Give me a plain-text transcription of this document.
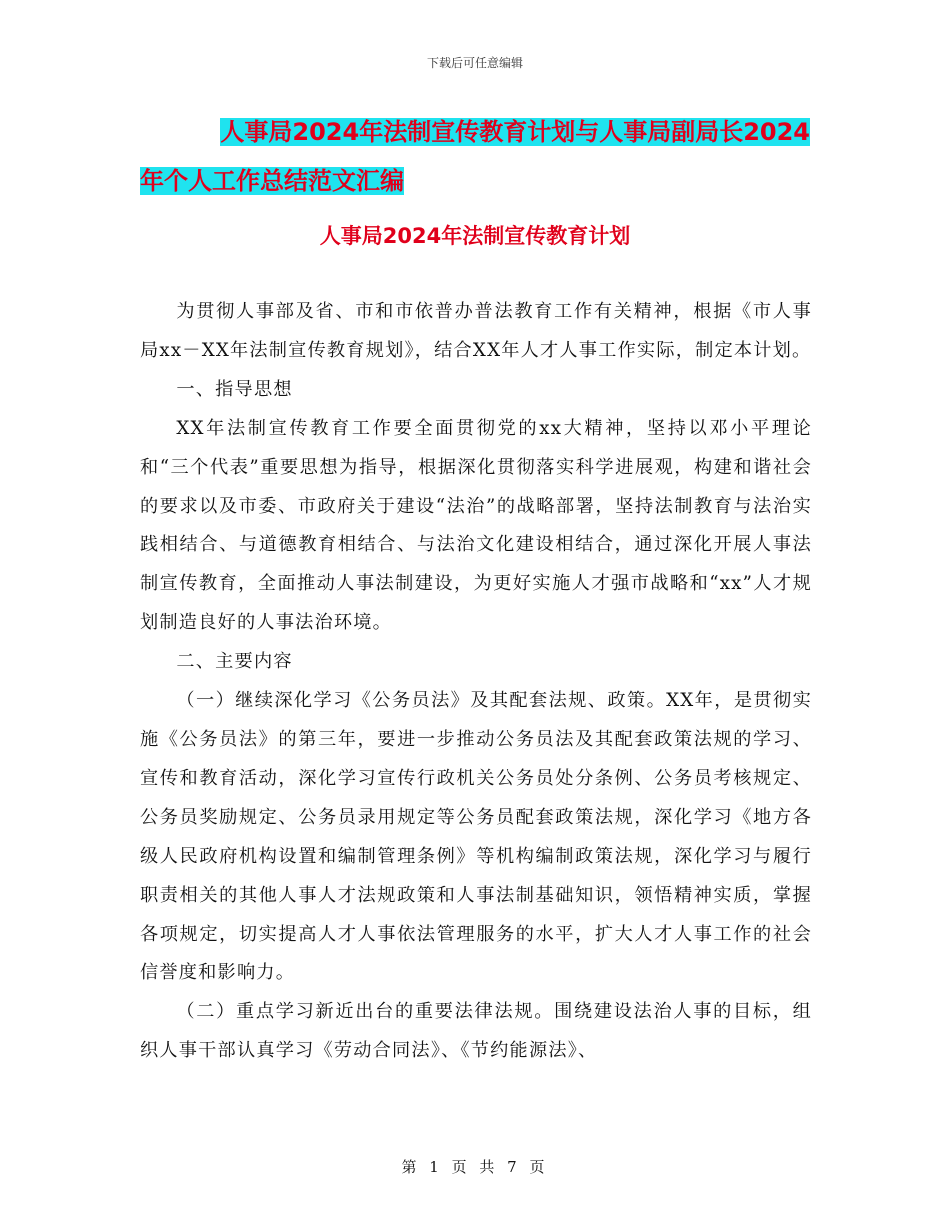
下载后可任意编辑
人事局2024年法制宣传教育计划与人事局副局长2024
年个人工作总结范文汇编
人事局2024年法制宣传教育计划

为贯彻人事部及省、市和市依普办普法教育工作有关精神，根据《市人事局xx－XX年法制宣传教育规划》，结合XX年人才人事工作实际，制定本计划。

一、指导思想

XX年法制宣传教育工作要全面贯彻党的xx大精神，坚持以邓小平理论和“三个代表”重要思想为指导，根据深化贯彻落实科学进展观，构建和谐社会的要求以及市委、市政府关于建设“法治”的战略部署，坚持法制教育与法治实践相结合、与道德教育相结合、与法治文化建设相结合，通过深化开展人事法制宣传教育，全面推动人事法制建设，为更好实施人才强市战略和“xx”人才规划制造良好的人事法治环境。

二、主要内容

（一）继续深化学习《公务员法》及其配套法规、政策。XX年，是贯彻实施《公务员法》的第三年，要进一步推动公务员法及其配套政策法规的学习、宣传和教育活动，深化学习宣传行政机关公务员处分条例、公务员考核规定、公务员奖励规定、公务员录用规定等公务员配套政策法规，深化学习《地方各级人民政府机构设置和编制管理条例》等机构编制政策法规，深化学习与履行职责相关的其他人事人才法规政策和人事法制基础知识，领悟精神实质，掌握各项规定，切实提高人才人事依法管理服务的水平，扩大人才人事工作的社会信誉度和影响力。

（二）重点学习新近出台的重要法律法规。围绕建设法治人事的目标，组织人事干部认真学习《劳动合同法》、《节约能源法》、

第 1 页 共 7 页
